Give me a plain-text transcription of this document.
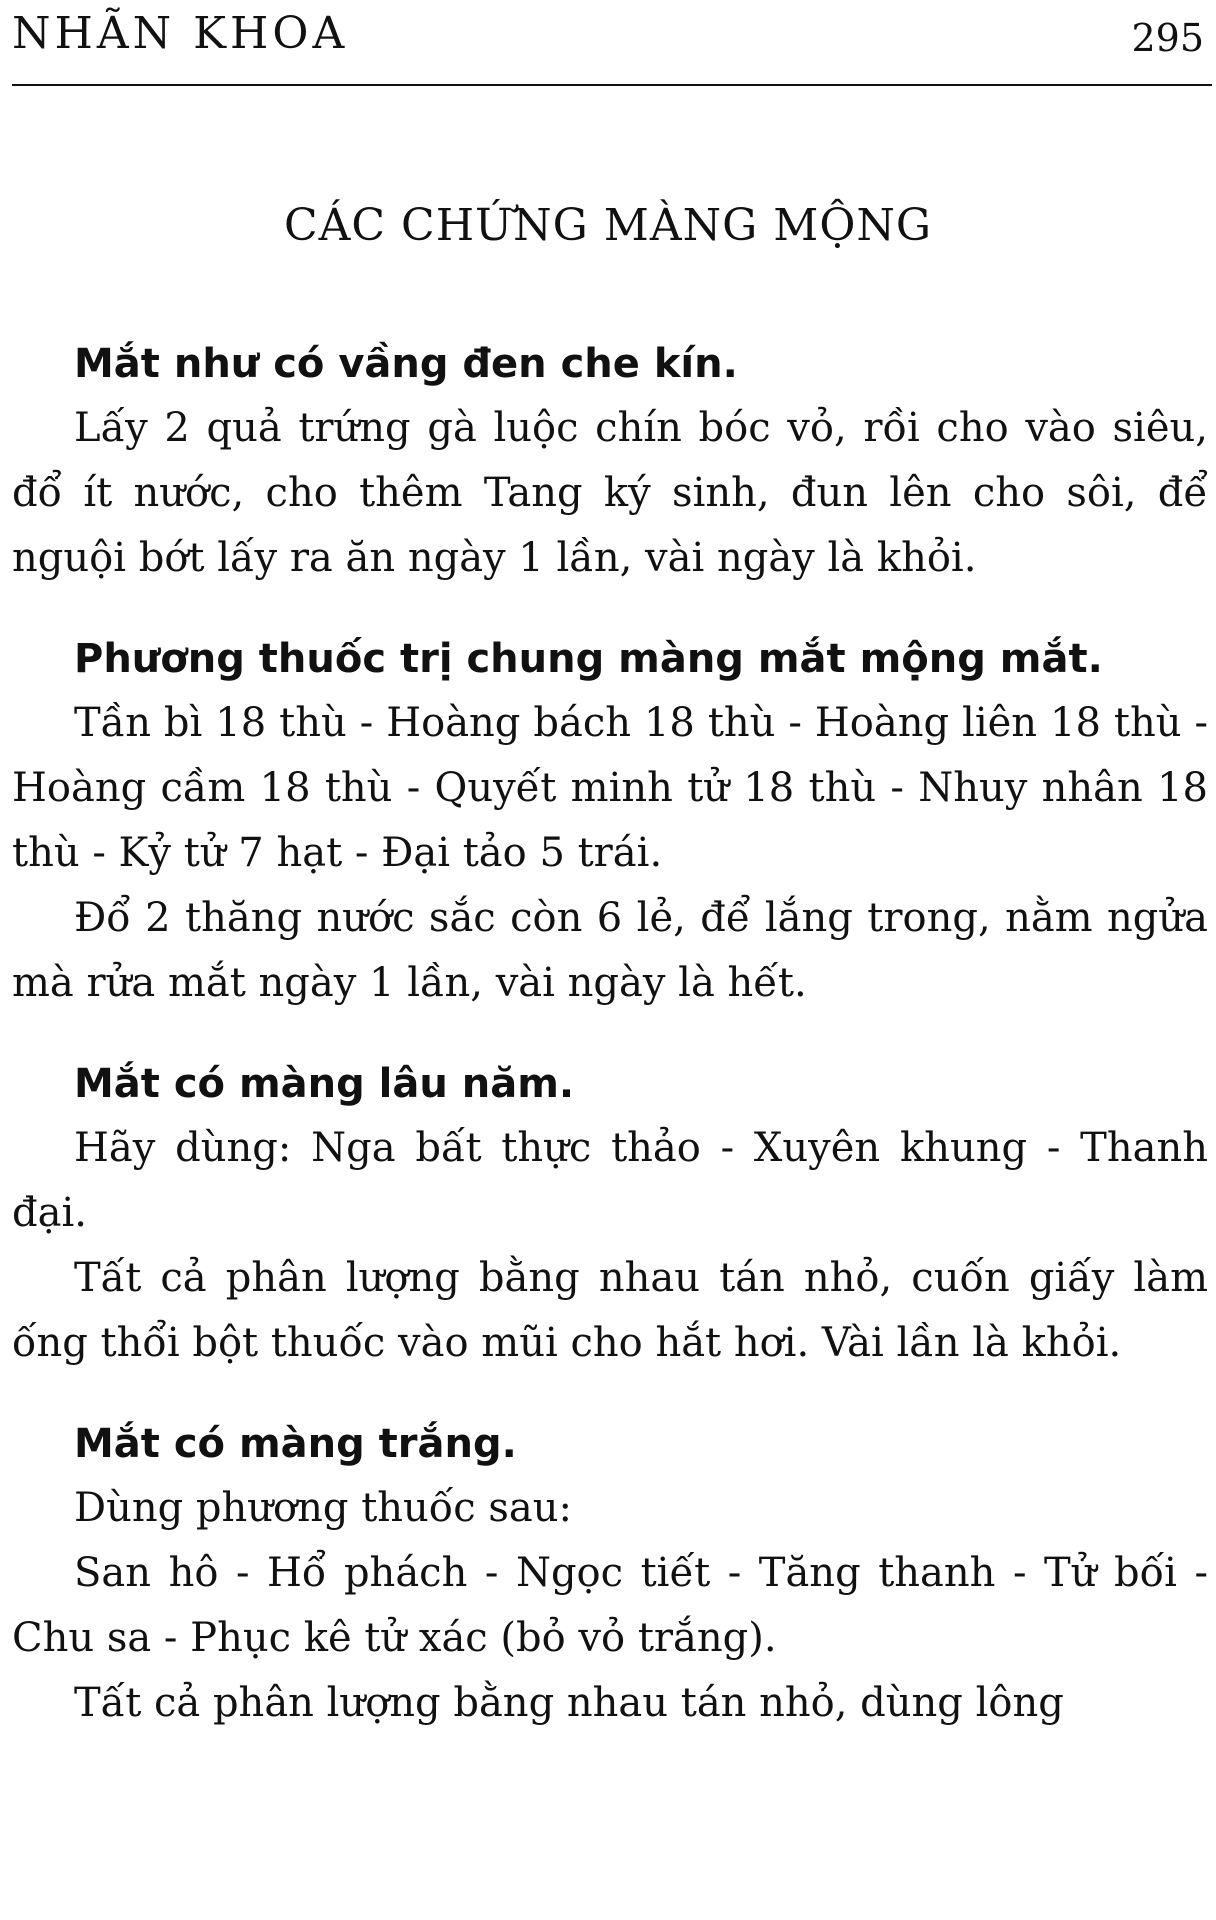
NHÃN KHOA	295
CÁC CHỨNG MÀNG MỘNG

Mắt như có vầng đen che kín.

Lấy 2 quả trứng gà luộc chín bóc vỏ, rồi cho vào siêu, đổ ít nước, cho thêm Tang ký sinh, đun lên cho sôi, để nguội bớt lấy ra ăn ngày 1 lần, vài ngày là khỏi.

Phương thuốc trị chung màng mắt mộng mắt.

Tần bì 18 thù - Hoàng bách 18 thù - Hoàng liên 18 thù - Hoàng cầm 18 thù - Quyết minh tử 18 thù - Nhuy nhân 18 thù - Kỷ tử 7 hạt - Đại tảo 5 trái.

Đổ 2 thăng nước sắc còn 6 lẻ, để lắng trong, nằm ngửa mà rửa mắt ngày 1 lần, vài ngày là hết.

Mắt có màng lâu năm.

Hãy dùng: Nga bất thực thảo - Xuyên khung - Thanh đại.

Tất cả phân lượng bằng nhau tán nhỏ, cuốn giấy làm ống thổi bột thuốc vào mũi cho hắt hơi. Vài lần là khỏi.

Mắt có màng trắng.

Dùng phương thuốc sau:

San hô - Hổ phách - Ngọc tiết - Tăng thanh - Tử bối - Chu sa - Phục kê tử xác (bỏ vỏ trắng).

Tất cả phân lượng bằng nhau tán nhỏ, dùng lông
